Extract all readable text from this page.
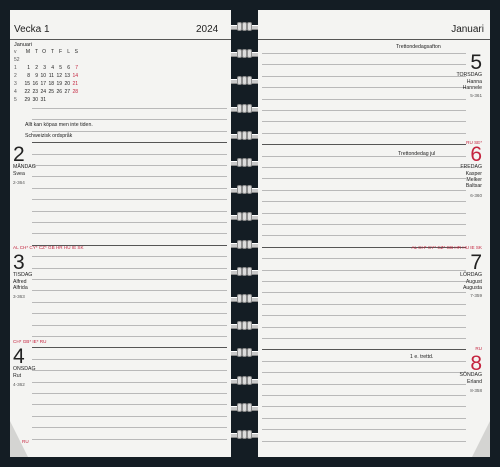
Vecka 1	2024
Januari
v	M T O T F	L S
52
1	1	2	3	4	5	6	7
2	8	9 10 11 12 13 14
3	15 16 17 18 19 20 21
4	22 23 24 25 26 27 28
5	29 30 31
Allt kan köpas men inte tiden.
Schweizisk ordspråk
2
MÅNDAG
Svea
2-364
AL CH* CY* CZ* GB HR HU IE SK
3
TISDAG
Alfred
Alfrida
3-363
CH* GB* IE* RU
4
ONSDAG
Rut
4-362
RU
Januari
Trettondedagsafton
5
TORSDAG
Hanna
Hannele
5-361
RU SE*
Trettondedag jul 6
FREDAG
Kasper
Melker
Baltsar
6-360
AL CH* CY* CZ* GB HR HU IE SK
7
LÖRDAG
August
Augusta
7-359
RU
1 e. trettd. 8
SÖNDAG
Erland
8-358
